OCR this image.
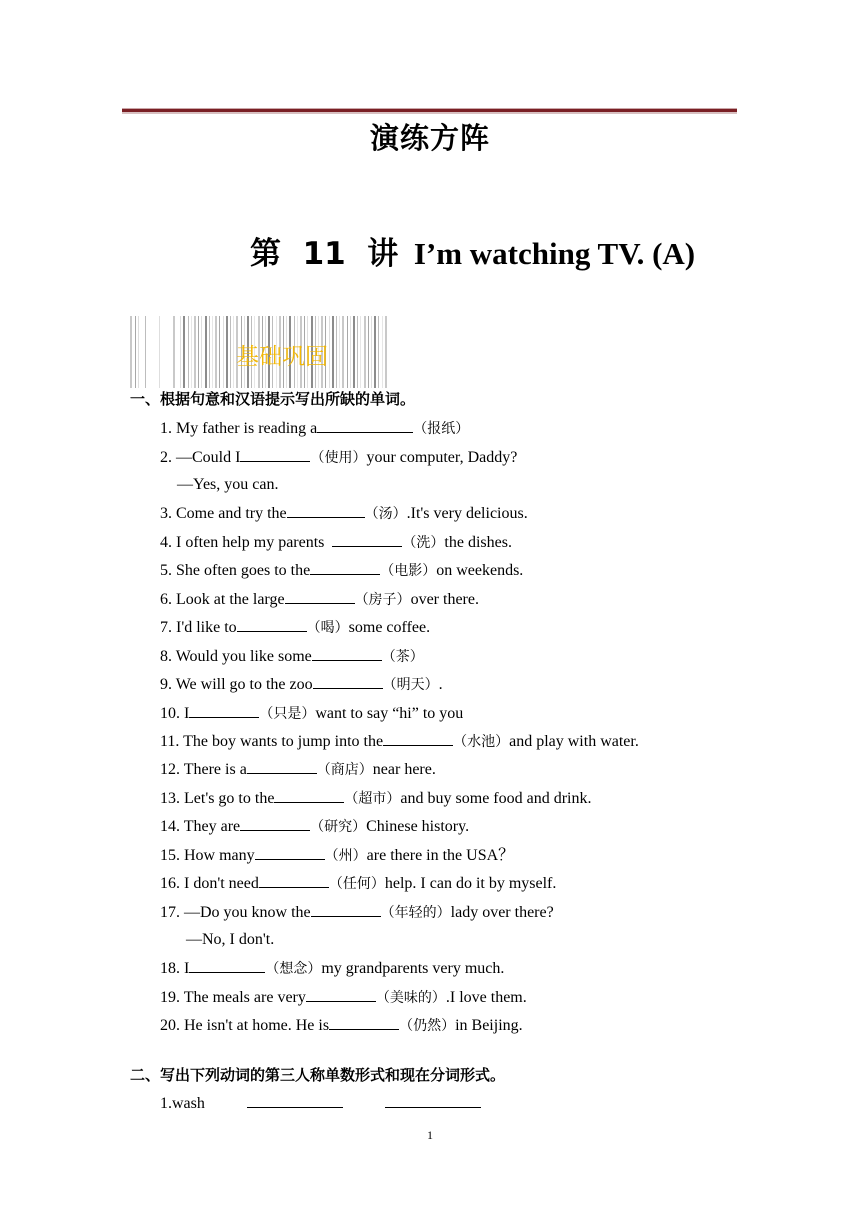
演练方阵
第  11  讲 I’m watching TV. (A)
基础巩固
一、根据句意和汉语提示写出所缺的单词。
1. My father is reading a	（报纸）
2. —Could I	（使用）your computer, Daddy?
—Yes, you can.
3. Come and try the	（汤）.It's very delicious.
4. I often help my parents	（洗）the dishes.
5. She often goes to the	（电影）on weekends.
6. Look at the large	（房子）over there.
7. I'd like to	（喝）some coffee.
8. Would you like some	（茶）
9. We will go to the zoo	（明天）.
10. I	（只是）want to say “hi” to you
11. The boy wants to jump into the	（水池）and play with water.
12. There is a	（商店）near here.
13. Let's go to the	（超市）and buy some food and drink.
14. They are	（研究）Chinese history.
15. How many	（州）are there in the USA？
16. I don't need	（任何）help. I can do it by myself.
17. —Do you know the	（年轻的）lady over there?
—No, I don't.
18. I	（想念）my grandparents very much.
19. The meals are very	（美味的）.I love them.
20. He isn't at home. He is	（仍然）in Beijing.
二、写出下列动词的第三人称单数形式和现在分词形式。
1.wash
1
